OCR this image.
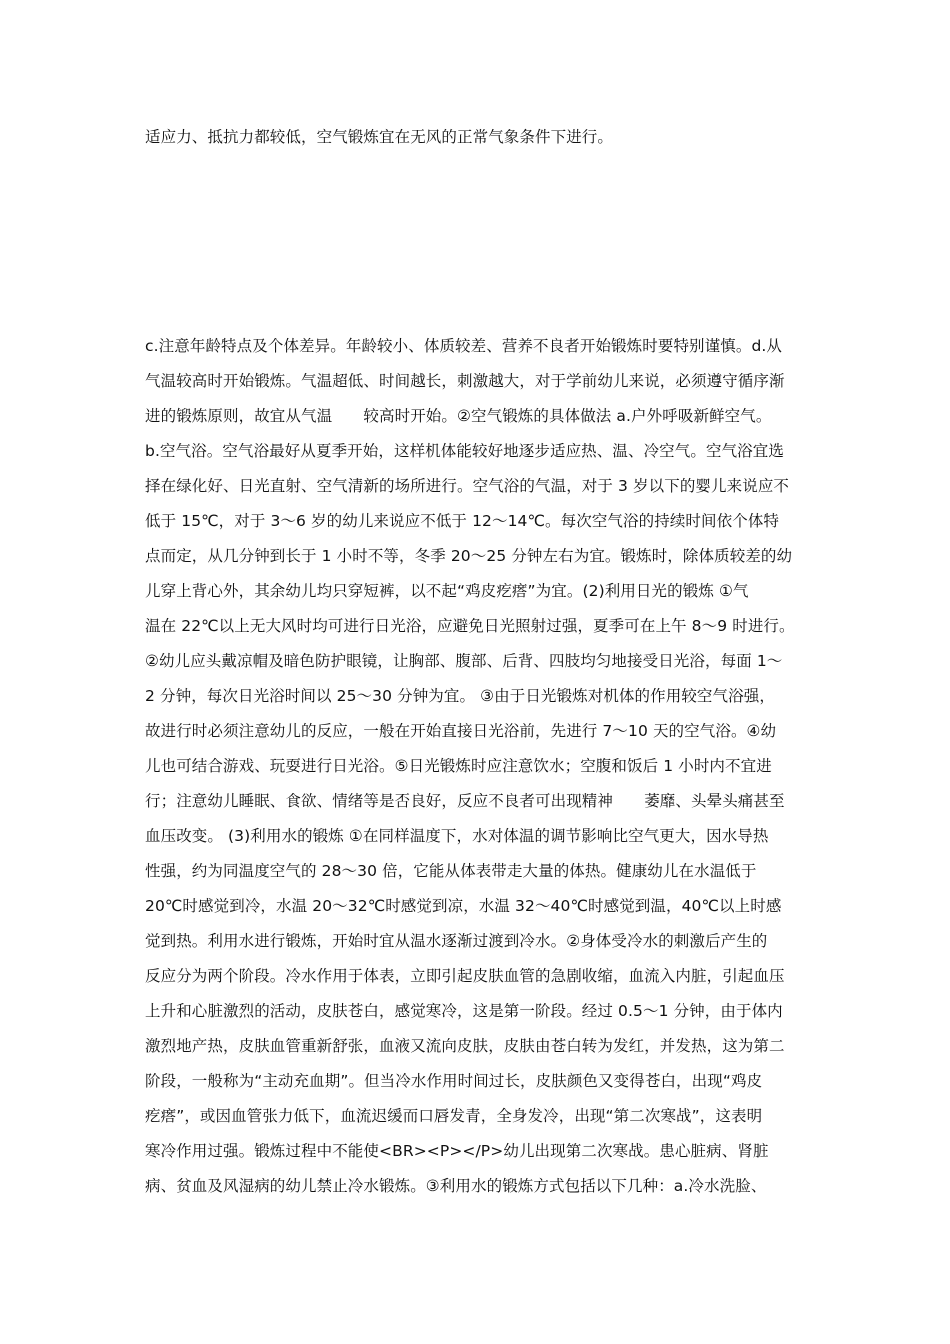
适应力、抵抗力都较低，空气锻炼宜在无风的正常气象条件下进行。
c.注意年龄特点及个体差异。年龄较小、体质较差、营养不良者开始锻炼时要特别谨慎。d.从
气温较高时开始锻炼。气温超低、时间越长，刺激越大，对于学前幼儿来说，必须遵守循序渐
进的锻炼原则，故宜从气温　　较高时开始。②空气锻炼的具体做法 a.户外呼吸新鲜空气。
b.空气浴。空气浴最好从夏季开始，这样机体能较好地逐步适应热、温、冷空气。空气浴宜选
择在绿化好、日光直射、空气清新的场所进行。空气浴的气温，对于 3 岁以下的婴儿来说应不
低于 15℃，对于 3～6 岁的幼儿来说应不低于 12～14℃。每次空气浴的持续时间依个体特
点而定，从几分钟到长于 1 小时不等，冬季 20～25 分钟左右为宜。锻炼时，除体质较差的幼
儿穿上背心外，其余幼儿均只穿短裤，以不起“鸡皮疙瘩”为宜。(2)利用日光的锻炼 ①气
温在 22℃以上无大风时均可进行日光浴，应避免日光照射过强，夏季可在上午 8～9 时进行。
②幼儿应头戴凉帽及暗色防护眼镜，让胸部、腹部、后背、四肢均匀地接受日光浴，每面 1～
2 分钟，每次日光浴时间以 25～30 分钟为宜。 ③由于日光锻炼对机体的作用较空气浴强，
故进行时必须注意幼儿的反应，一般在开始直接日光浴前，先进行 7～10 天的空气浴。④幼
儿也可结合游戏、玩耍进行日光浴。⑤日光锻炼时应注意饮水；空腹和饭后 1 小时内不宜进
行；注意幼儿睡眠、食欲、情绪等是否良好，反应不良者可出现精神　　萎靡、头晕头痛甚至
血压改变。 (3)利用水的锻炼 ①在同样温度下，水对体温的调节影响比空气更大，因水导热
性强，约为同温度空气的 28～30 倍，它能从体表带走大量的体热。健康幼儿在水温低于
20℃时感觉到冷，水温 20～32℃时感觉到凉，水温 32～40℃时感觉到温，40℃以上时感
觉到热。利用水进行锻炼，开始时宜从温水逐渐过渡到冷水。②身体受冷水的刺激后产生的
反应分为两个阶段。冷水作用于体表，立即引起皮肤血管的急剧收缩，血流入内脏，引起血压
上升和心脏激烈的活动，皮肤苍白，感觉寒冷，这是第一阶段。经过 0.5～1 分钟，由于体内
激烈地产热，皮肤血管重新舒张，血液又流向皮肤，皮肤由苍白转为发红，并发热，这为第二
阶段，一般称为“主动充血期”。但当冷水作用时间过长，皮肤颜色又变得苍白，出现“鸡皮
疙瘩”，或因血管张力低下，血流迟缓而口唇发青，全身发冷，出现“第二次寒战”，这表明
寒冷作用过强。锻炼过程中不能使<BR><P></P>幼儿出现第二次寒战。患心脏病、肾脏
病、贫血及风湿病的幼儿禁止冷水锻炼。③利用水的锻炼方式包括以下几种：a.冷水洗脸、
